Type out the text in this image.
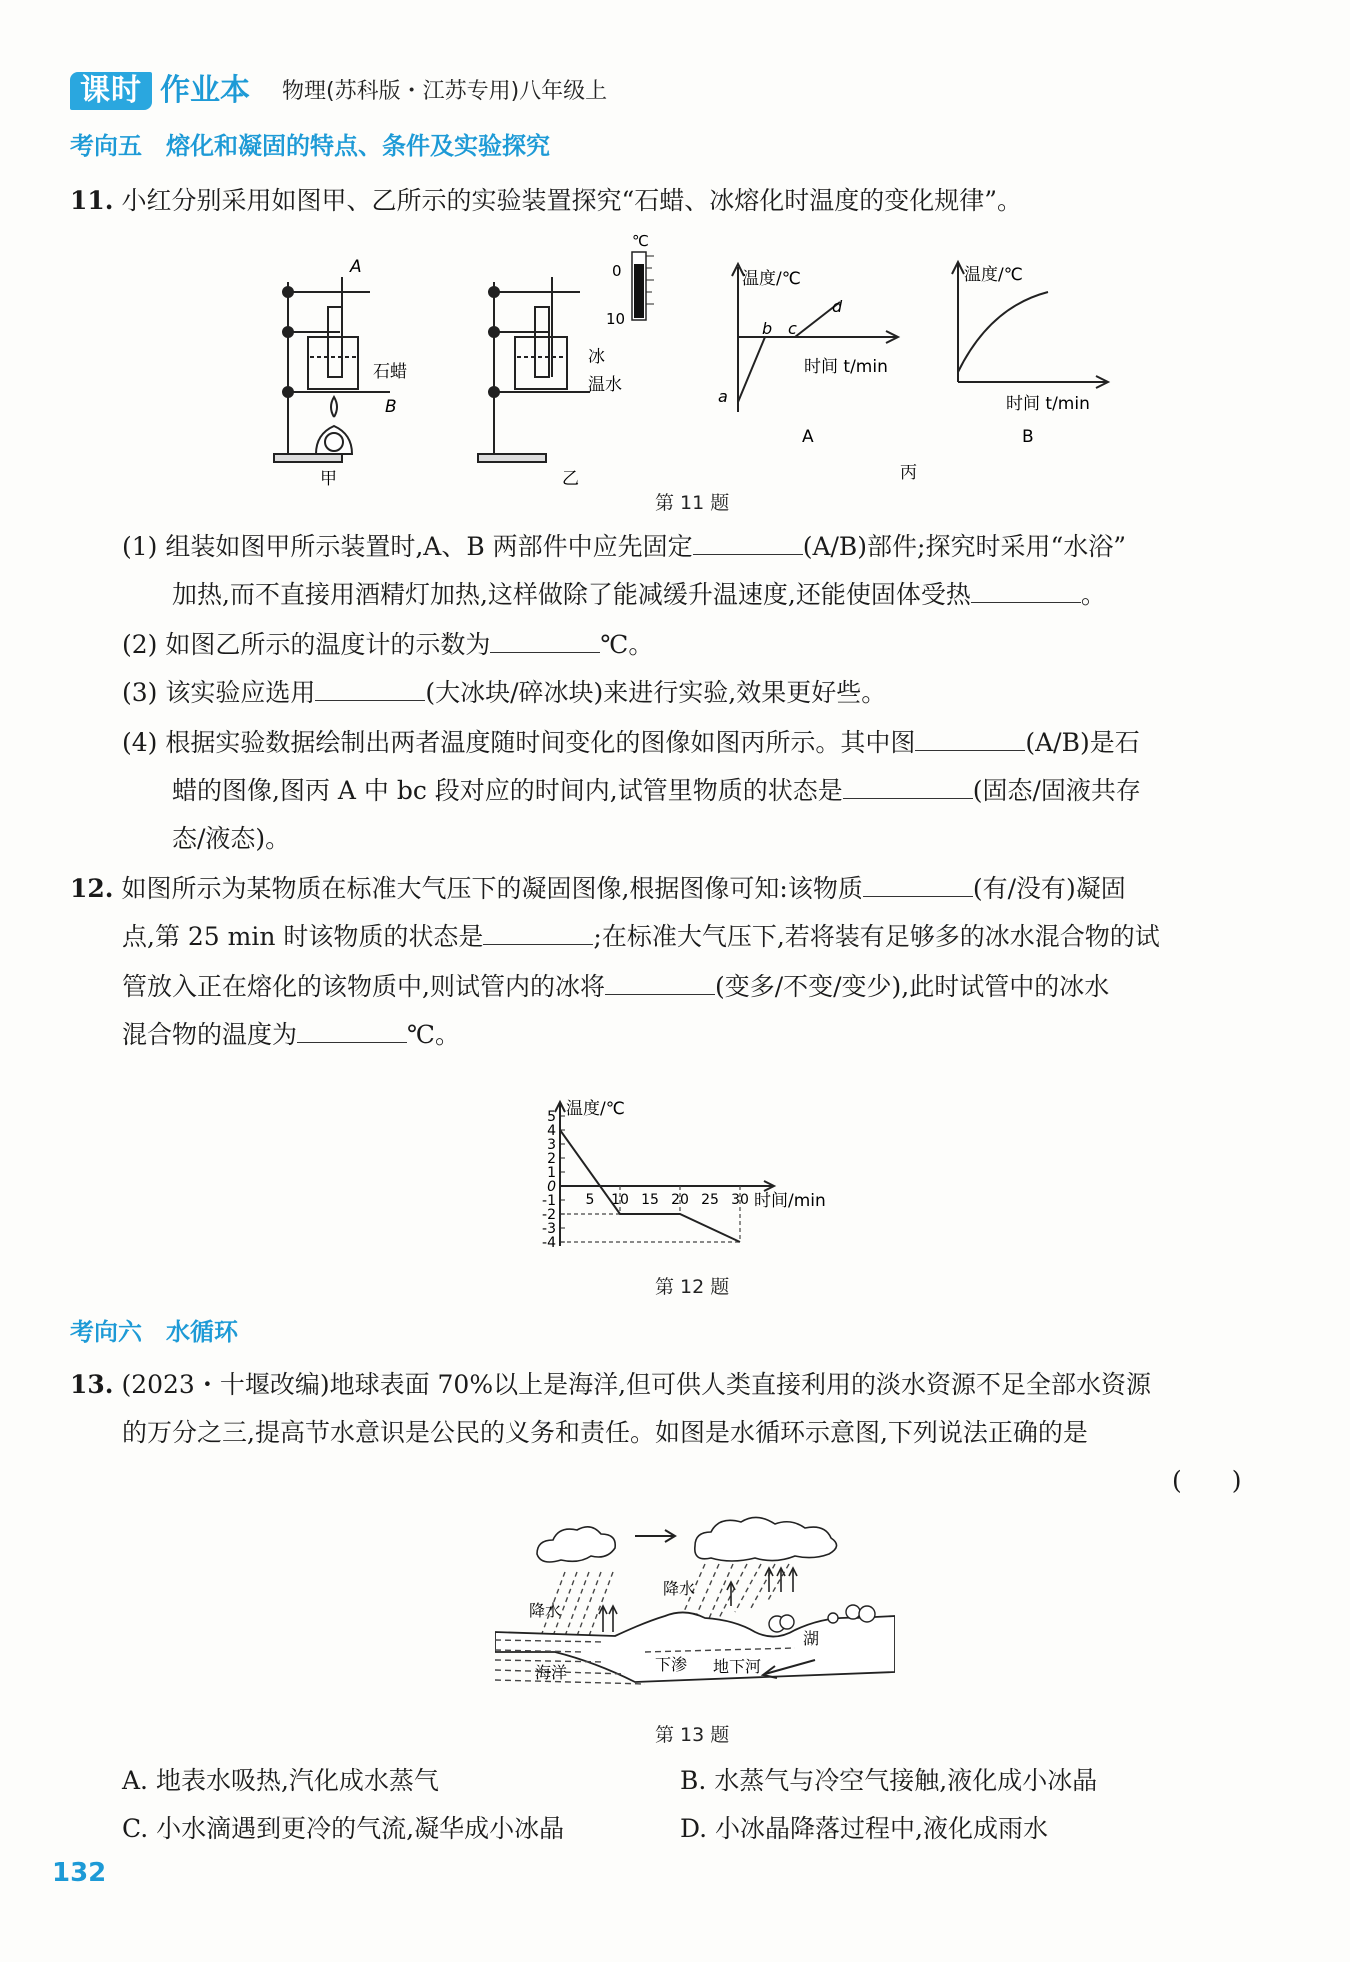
课时 作业本 物理(苏科版・江苏专用)八年级上
考向五　熔化和凝固的特点、条件及实验探究
11. 小红分别采用如图甲、乙所示的实验装置探究“石蜡、冰熔化时温度的变化规律”。
A
石蜡
B
甲
冰
温水
乙
℃
0
10
温度/℃
时间 t/min
a
b c
d
A
温度/℃
时间 t/min
B
丙
第 11 题
(1) 组装如图甲所示装置时,A、B 两部件中应先固定	(A/B)部件;探究时采用“水浴”
加热,而不直接用酒精灯加热,这样做除了能减缓升温速度,还能使固体受热	。
(2) 如图乙所示的温度计的示数为	℃。
(3) 该实验应选用	(大冰块/碎冰块)来进行实验,效果更好些。
(4) 根据实验数据绘制出两者温度随时间变化的图像如图丙所示。其中图	(A/B)是石
蜡的图像,图丙 A 中 bc 段对应的时间内,试管里物质的状态是	(固态/固液共存
态/液态)。
12. 如图所示为某物质在标准大气压下的凝固图像,根据图像可知:该物质	(有/没有)凝固
点,第 25 min 时该物质的状态是	;在标准大气压下,若将装有足够多的冰水混合物的试
管放入正在熔化的该物质中,则试管内的冰将	(变多/不变/变少),此时试管中的冰水
混合物的温度为	℃。
5
4
3
2
1
0
-1
-2
-3
-4
5 10 15 20 25 30
温度/℃
时间/min
第 12 题
考向六　水循环
13. (2023・十堰改编)地球表面 70%以上是海洋,但可供人类直接利用的淡水资源不足全部水资源
的万分之三,提高节水意识是公民的义务和责任。如图是水循环示意图,下列说法正确的是
(　　)
降水
降水
湖
海洋	下渗 地下河
第 13 题
A. 地表水吸热,汽化成水蒸气	B. 水蒸气与冷空气接触,液化成小冰晶
C. 小水滴遇到更冷的气流,凝华成小冰晶	D. 小冰晶降落过程中,液化成雨水
132
